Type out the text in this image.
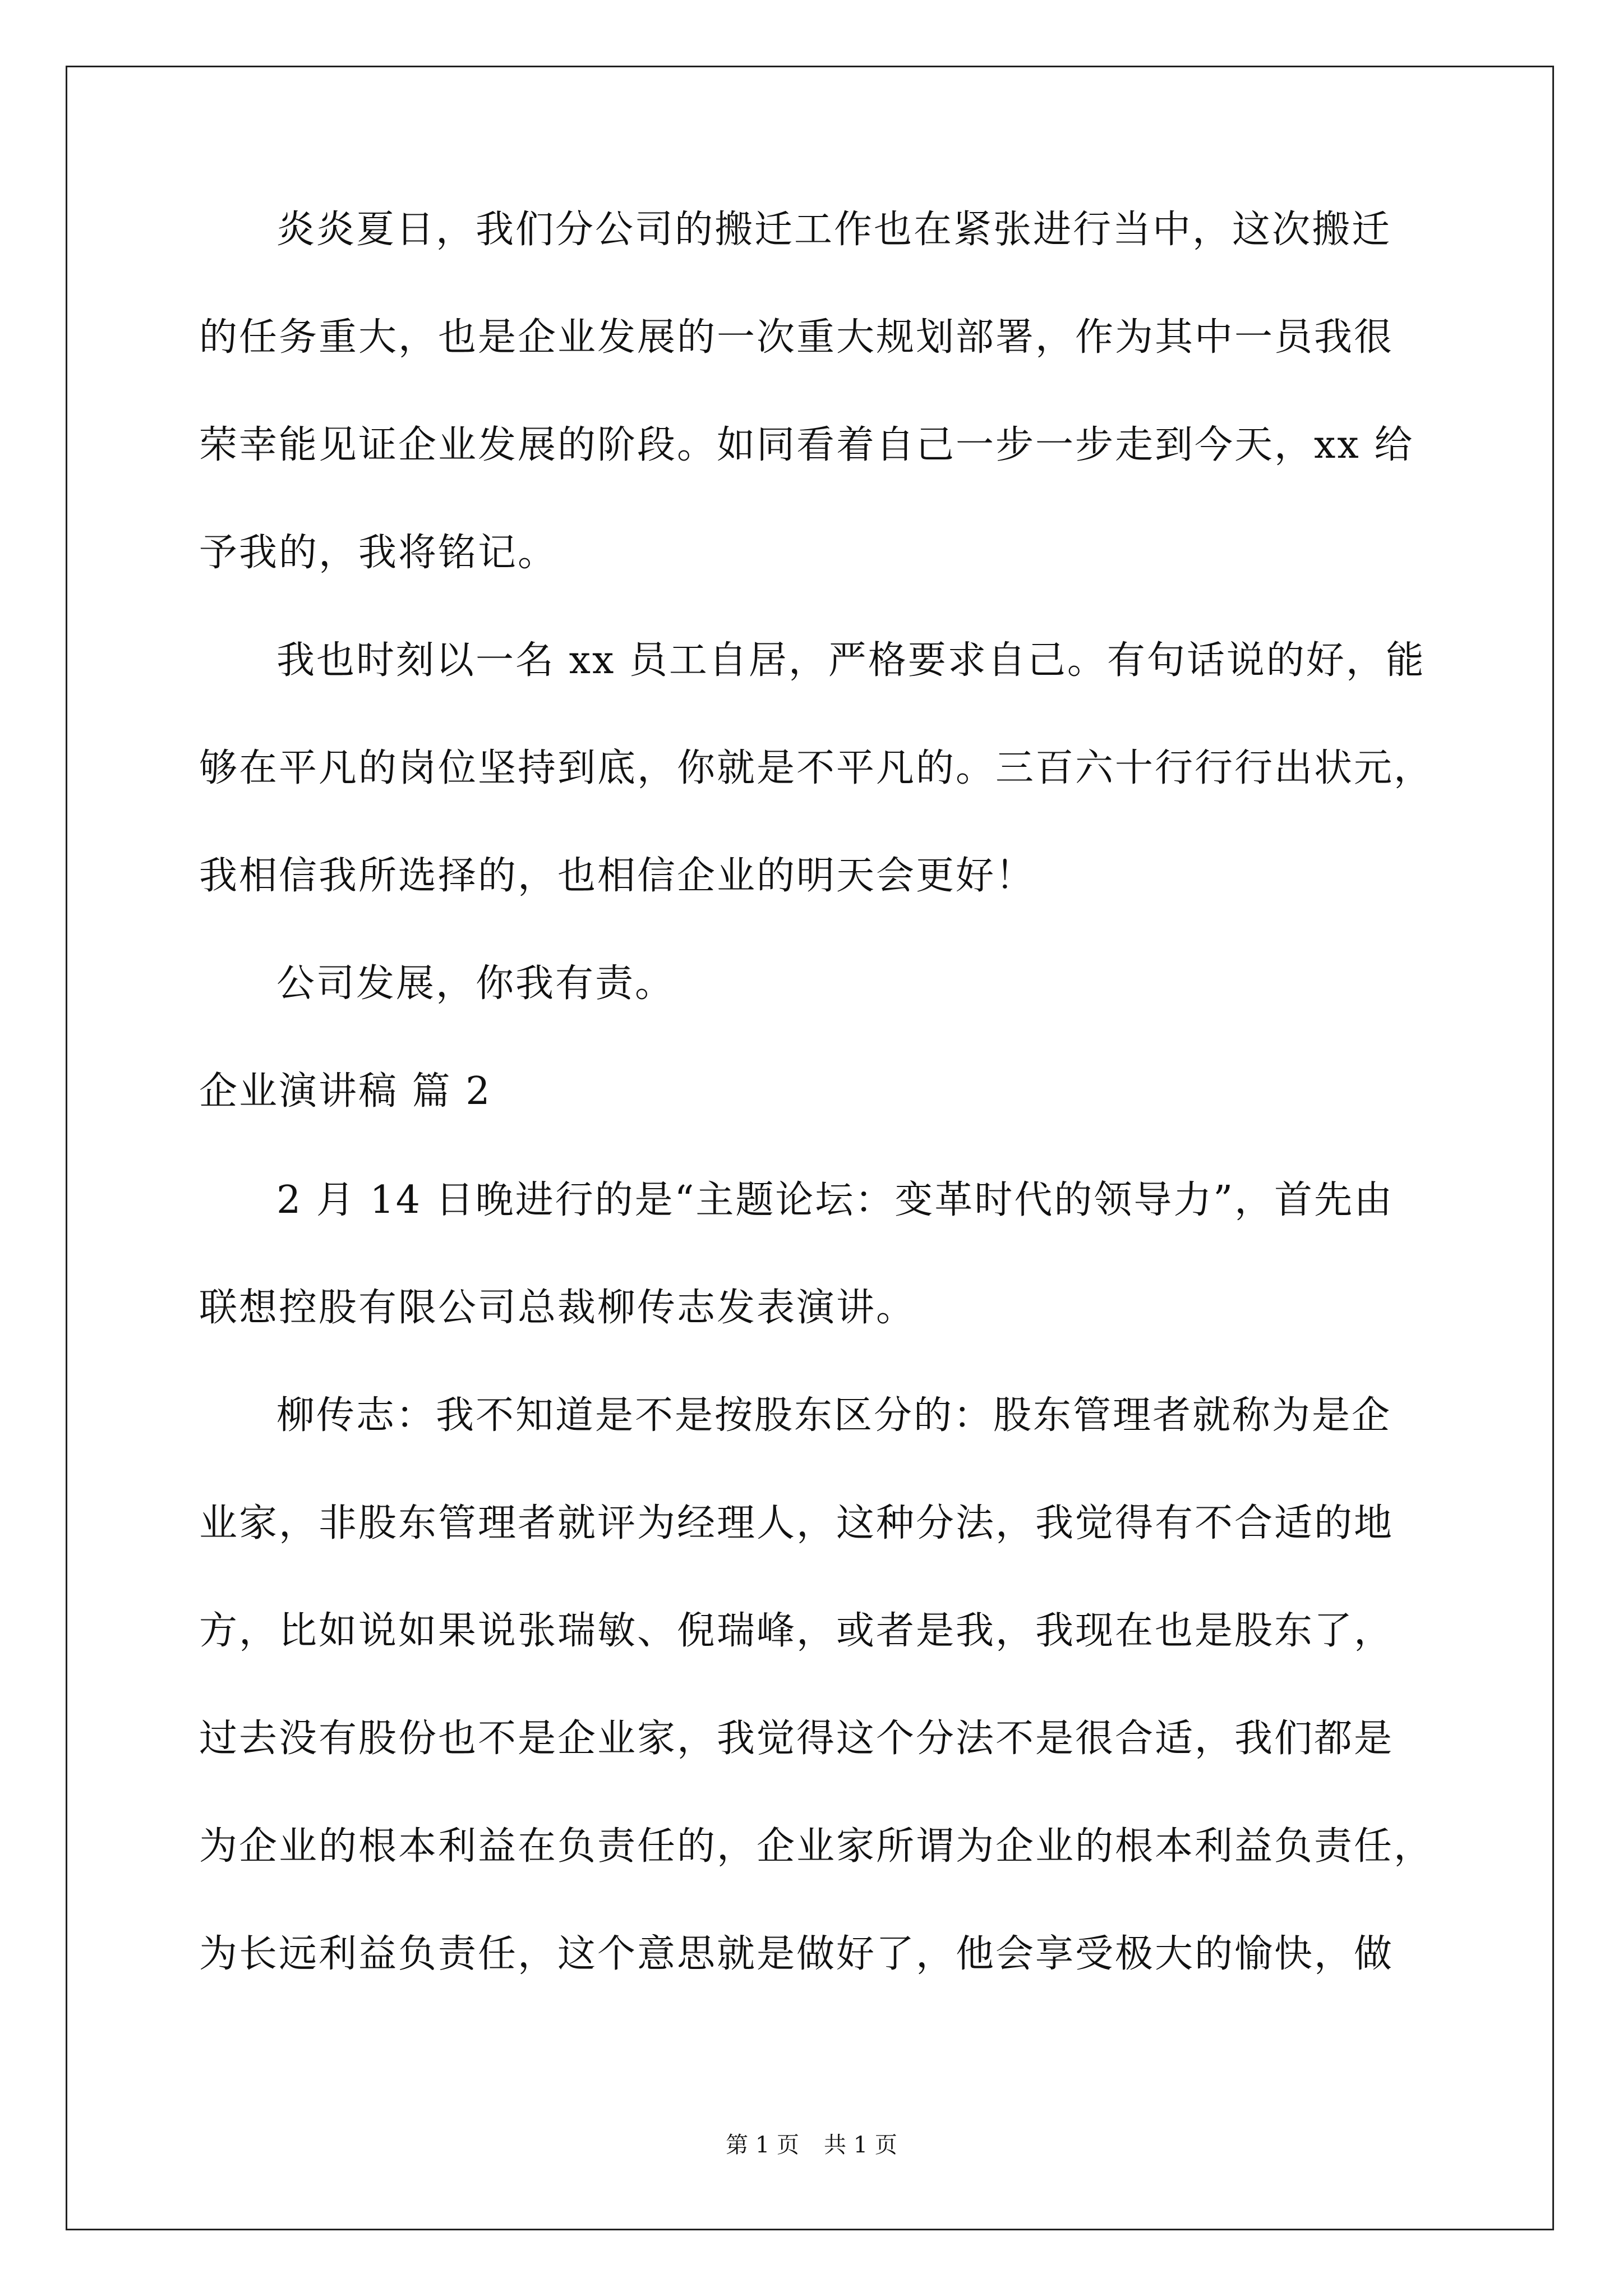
炎炎夏日，我们分公司的搬迁工作也在紧张进行当中，这次搬迁
的任务重大，也是企业发展的一次重大规划部署，作为其中一员我很
荣幸能见证企业发展的阶段。如同看着自己一步一步走到今天，xx 给
予我的，我将铭记。
我也时刻以一名 xx 员工自居，严格要求自己。有句话说的好，能
够在平凡的岗位坚持到底，你就是不平凡的。三百六十行行行出状元，
我相信我所选择的，也相信企业的明天会更好！
公司发展，你我有责。
企业演讲稿 篇 2
2 月 14 日晚进行的是“主题论坛：变革时代的领导力”，首先由
联想控股有限公司总裁柳传志发表演讲。
柳传志：我不知道是不是按股东区分的：股东管理者就称为是企
业家，非股东管理者就评为经理人，这种分法，我觉得有不合适的地
方，比如说如果说张瑞敏、倪瑞峰，或者是我，我现在也是股东了，
过去没有股份也不是企业家，我觉得这个分法不是很合适，我们都是
为企业的根本利益在负责任的，企业家所谓为企业的根本利益负责任，
为长远利益负责任，这个意思就是做好了，他会享受极大的愉快，做
第 1 页 共 1 页
